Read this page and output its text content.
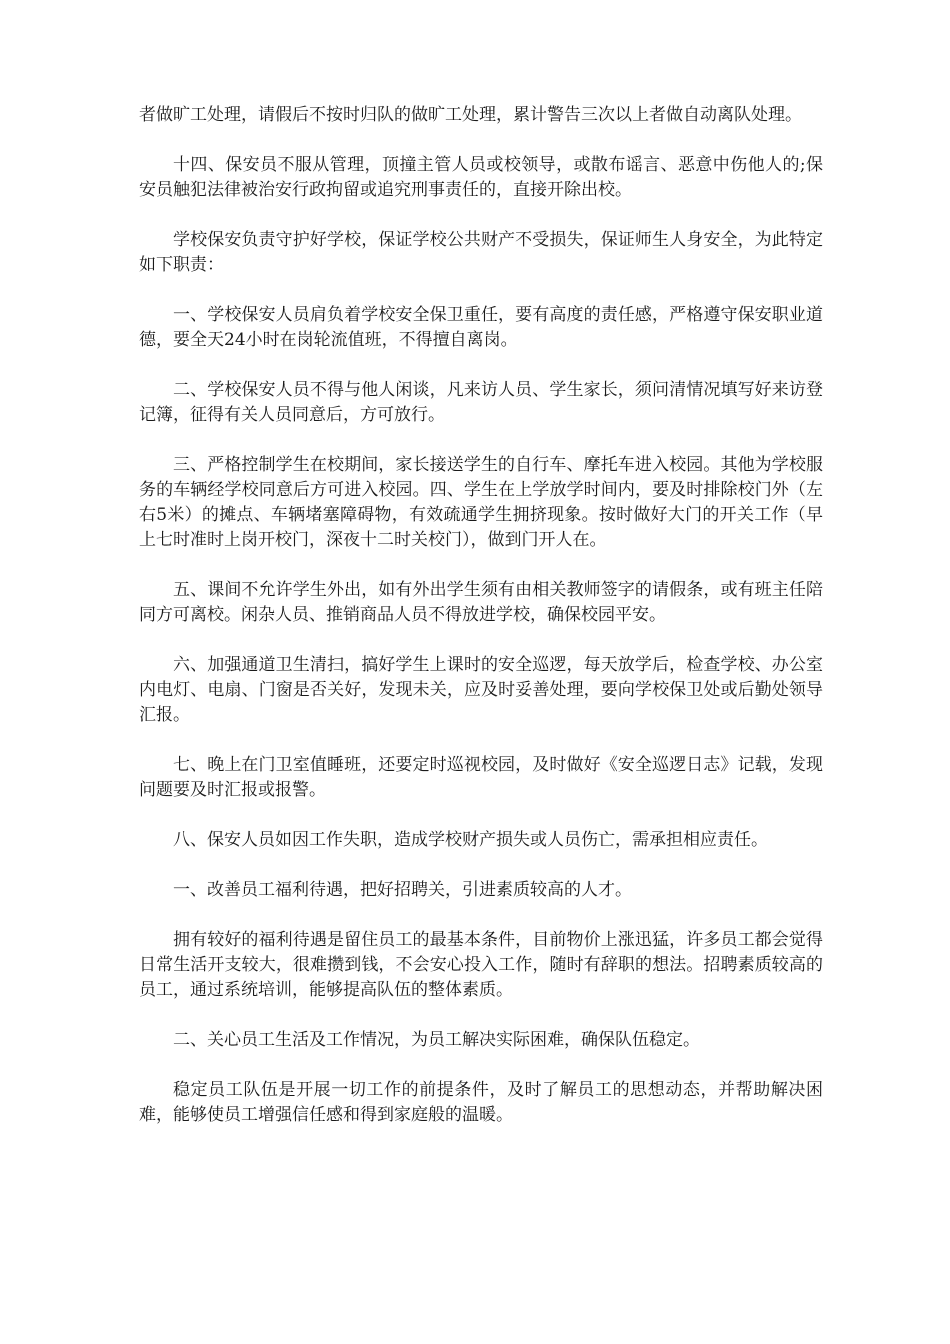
者做旷工处理，请假后不按时归队的做旷工处理，累计警告三次以上者做自动离队处理。

十四、保安员不服从管理，顶撞主管人员或校领导，或散布谣言、恶意中伤他人的;保安员触犯法律被治安行政拘留或追究刑事责任的，直接开除出校。

学校保安负责守护好学校，保证学校公共财产不受损失，保证师生人身安全，为此特定如下职责：

一、学校保安人员肩负着学校安全保卫重任，要有高度的责任感，严格遵守保安职业道德，要全天24小时在岗轮流值班，不得擅自离岗。

二、学校保安人员不得与他人闲谈，凡来访人员、学生家长，须问清情况填写好来访登记簿，征得有关人员同意后，方可放行。

三、严格控制学生在校期间，家长接送学生的自行车、摩托车进入校园。其他为学校服务的车辆经学校同意后方可进入校园。四、学生在上学放学时间内，要及时排除校门外（左右5米）的摊点、车辆堵塞障碍物，有效疏通学生拥挤现象。按时做好大门的开关工作（早上七时准时上岗开校门，深夜十二时关校门），做到门开人在。

五、课间不允许学生外出，如有外出学生须有由相关教师签字的请假条，或有班主任陪同方可离校。闲杂人员、推销商品人员不得放进学校，确保校园平安。

六、加强通道卫生清扫，搞好学生上课时的安全巡逻，每天放学后，检查学校、办公室内电灯、电扇、门窗是否关好，发现未关，应及时妥善处理，要向学校保卫处或后勤处领导汇报。

七、晚上在门卫室值睡班，还要定时巡视校园，及时做好《安全巡逻日志》记载，发现问题要及时汇报或报警。

八、保安人员如因工作失职，造成学校财产损失或人员伤亡，需承担相应责任。

一、改善员工福利待遇，把好招聘关，引进素质较高的人才。

拥有较好的福利待遇是留住员工的最基本条件，目前物价上涨迅猛，许多员工都会觉得日常生活开支较大，很难攒到钱，不会安心投入工作，随时有辞职的想法。招聘素质较高的员工，通过系统培训，能够提高队伍的整体素质。

二、关心员工生活及工作情况，为员工解决实际困难，确保队伍稳定。

稳定员工队伍是开展一切工作的前提条件，及时了解员工的思想动态，并帮助解决困难，能够使员工增强信任感和得到家庭般的温暖。
